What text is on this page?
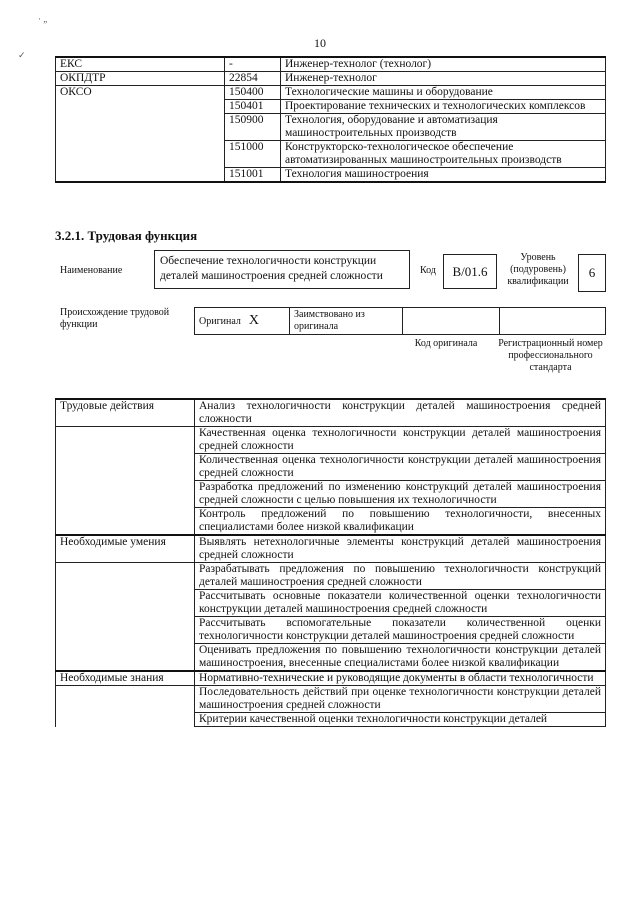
· „
✓
10
ЕКС	-	Инженер-технолог (технолог)
ОКПДТР	22854	Инженер-технолог
ОКСО	150400	Технологические машины и оборудование
	150401	Проектирование технических и технологических комплексов
	150900	Технология, оборудование и автоматизация машиностроительных производств
	151000	Конструкторско-технологическое обеспечение автоматизированных машиностроительных производств
	151001	Технология машиностроения
3.2.1. Трудовая функция
Наименование
Обеспечение технологичности конструкции деталей машиностроения средней сложности	Код	B/01.6
Уровень (подуровень) квалификации
6
Происхождение трудовой функции	Оригинал X	Заимствовано из оригинала		
Код оригинала	Регистрационный номер профессионального стандарта
Трудовые действия	Анализ технологичности конструкции деталей машиностроения средней сложности
	Качественная оценка технологичности конструкции деталей машиностроения средней сложности
	Количественная оценка технологичности конструкции деталей машиностроения средней сложности
	Разработка предложений по изменению конструкций деталей машиностроения средней сложности с целью повышения их технологичности
	Контроль предложений по повышению технологичности, внесенных специалистами более низкой квалификации
Необходимые умения	Выявлять нетехнологичные элементы конструкций деталей машиностроения средней сложности
	Разрабатывать предложения по повышению технологичности конструкций деталей машиностроения средней сложности
	Рассчитывать основные показатели количественной оценки технологичности конструкции деталей машиностроения средней сложности
	Рассчитывать вспомогательные показатели количественной оценки технологичности конструкции деталей машиностроения средней сложности
	Оценивать предложения по повышению технологичности конструкции деталей машиностроения, внесенные специалистами более низкой квалификации
Необходимые знания	Нормативно-технические и руководящие документы в области технологичности
	Последовательность действий при оценке технологичности конструкции деталей машиностроения средней сложности
	Критерии качественной оценки технологичности конструкции деталей
